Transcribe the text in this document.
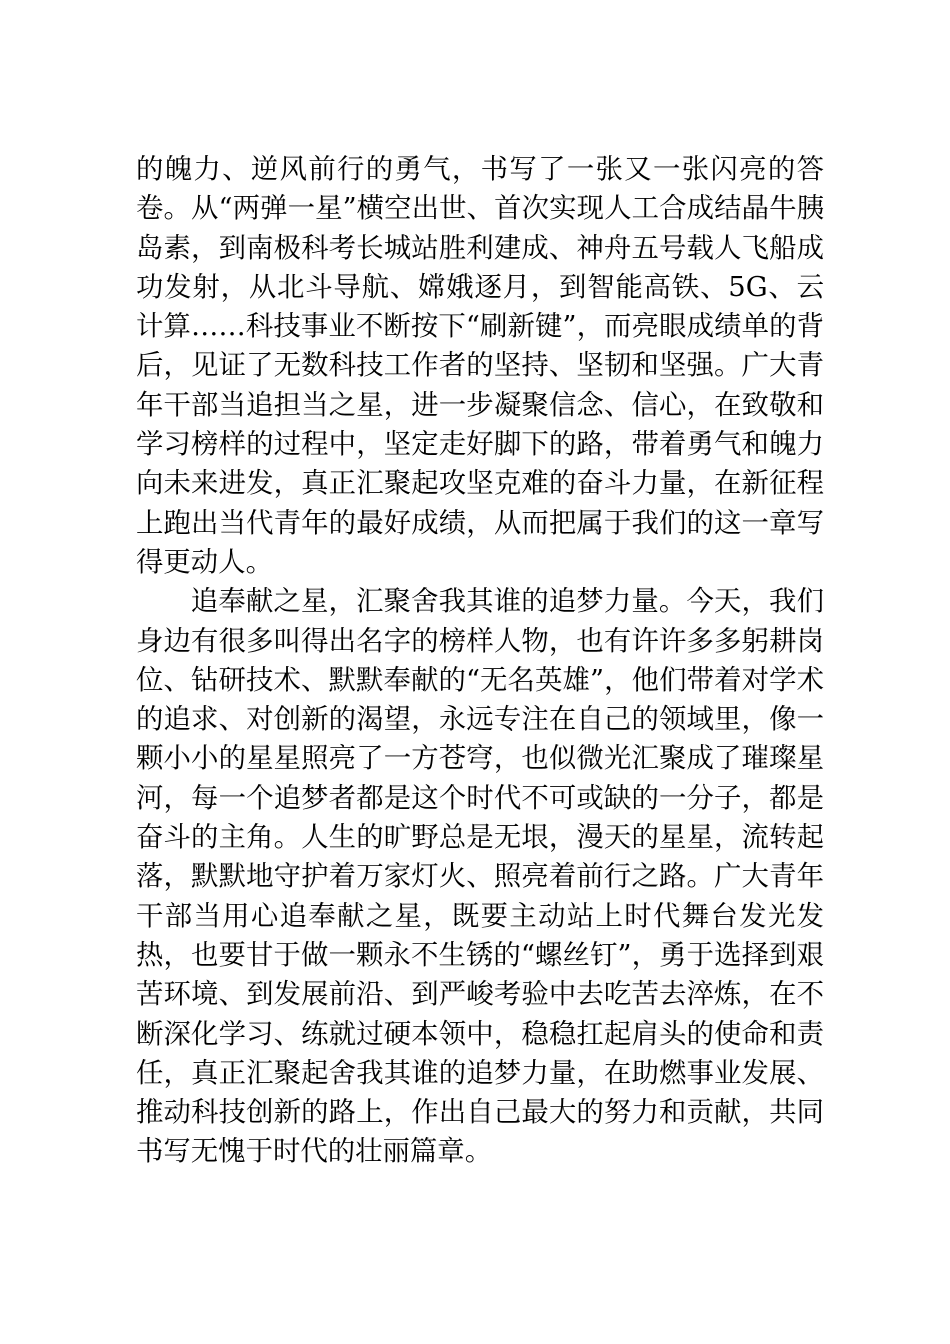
的魄力、逆风前行的勇气，书写了一张又一张闪亮的答卷。从“两弹一星”横空出世、首次实现人工合成结晶牛胰岛素，到南极科考长城站胜利建成、神舟五号载人飞船成功发射，从北斗导航、嫦娥逐月，到智能高铁、5G、云计算……科技事业不断按下“刷新键”，而亮眼成绩单的背后，见证了无数科技工作者的坚持、坚韧和坚强。广大青年干部当追担当之星，进一步凝聚信念、信心，在致敬和学习榜样的过程中，坚定走好脚下的路，带着勇气和魄力向未来进发，真正汇聚起攻坚克难的奋斗力量，在新征程上跑出当代青年的最好成绩，从而把属于我们的这一章写得更动人。

追奉献之星，汇聚舍我其谁的追梦力量。今天，我们身边有很多叫得出名字的榜样人物，也有许许多多躬耕岗位、钻研技术、默默奉献的“无名英雄”，他们带着对学术的追求、对创新的渴望，永远专注在自己的领域里，像一颗小小的星星照亮了一方苍穹，也似微光汇聚成了璀璨星河，每一个追梦者都是这个时代不可或缺的一分子，都是奋斗的主角。人生的旷野总是无垠，漫天的星星，流转起落，默默地守护着万家灯火、照亮着前行之路。广大青年干部当用心追奉献之星，既要主动站上时代舞台发光发热，也要甘于做一颗永不生锈的“螺丝钉”，勇于选择到艰苦环境、到发展前沿、到严峻考验中去吃苦去淬炼，在不断深化学习、练就过硬本领中，稳稳扛起肩头的使命和责任，真正汇聚起舍我其谁的追梦力量，在助燃事业发展、推动科技创新的路上，作出自己最大的努力和贡献，共同书写无愧于时代的壮丽篇章。
